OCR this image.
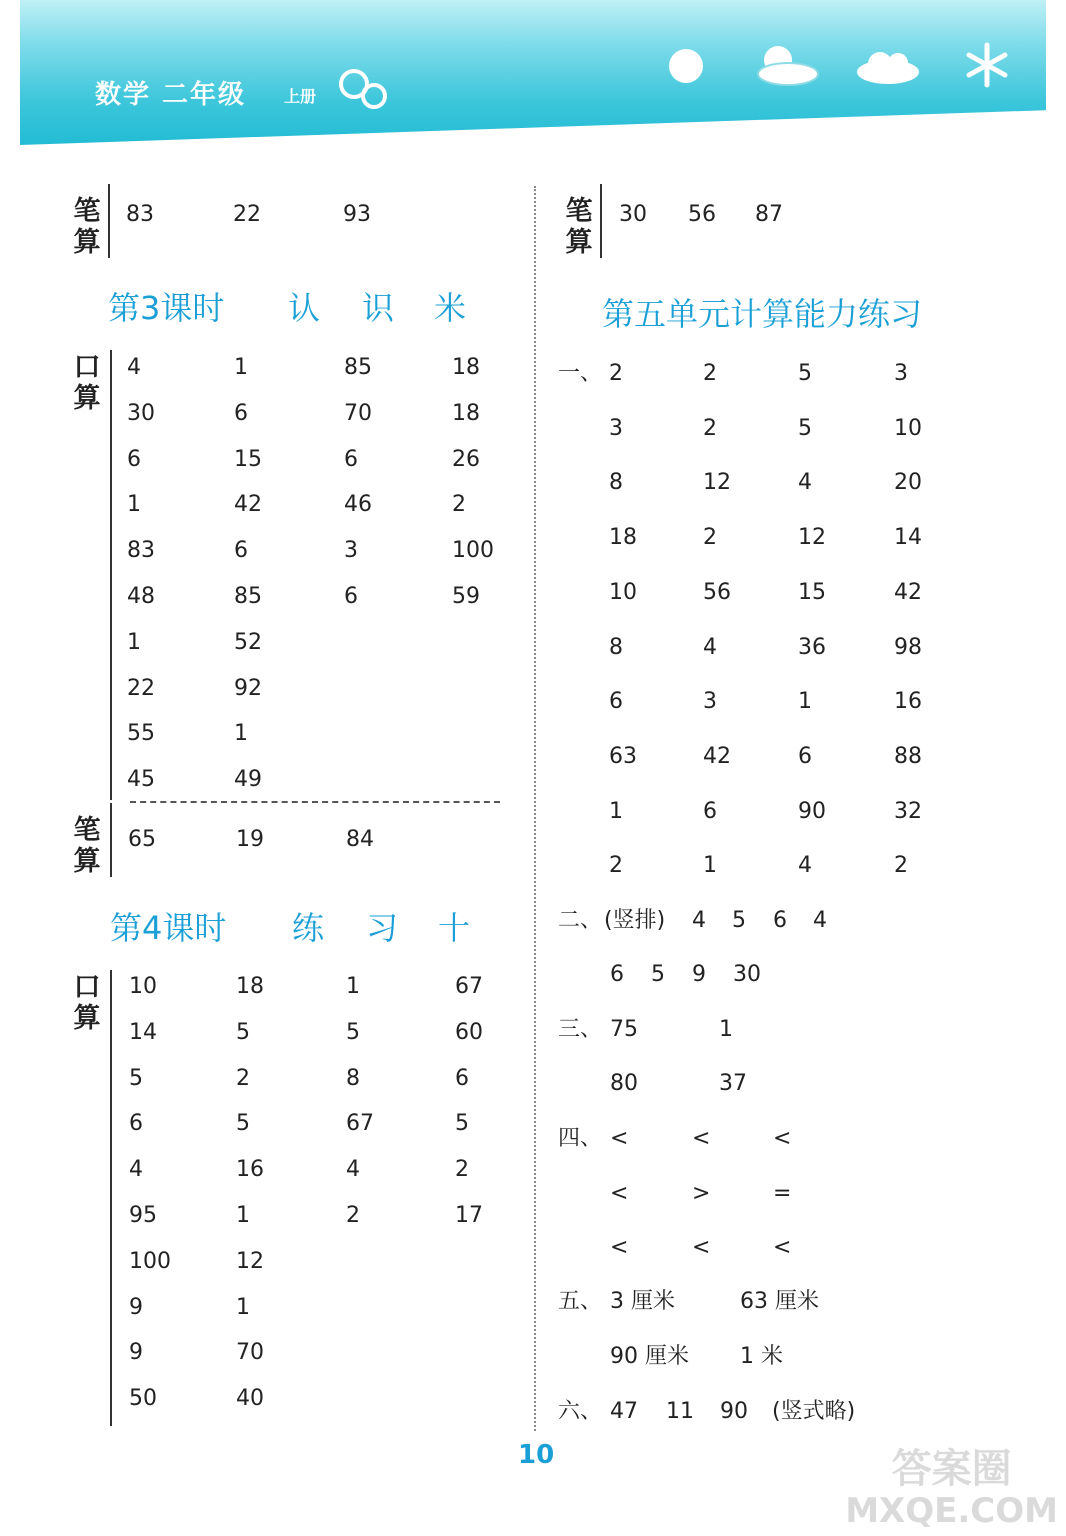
数学 二年级 上册
笔算
83	22	93
第3课时 认 识 米
口算
4	1	85	18
30	6	70	18
6	15	6	26
1	42	46	2
83	6	3	100
48	85	6	59
1	52
22	92
55	1
45	49
笔算
65	19	84
第4课时 练 习 十
口算
10	18	1	67
14	5	5	60
5	2	8	6
6	5	67	5
4	16	4	2
95	1	2	17
100	12
9	1
9	70
50	40
笔算
30 56 87
第五单元计算能力练习
一、 2	2	5	3
3	2	5	10
8	12	4	20
18	2	12	14
10	56	15	42
8	4	36	98
6	3	1	16
63	42	6	88
1	6	90	32
2	1	4	2
二、 (竖排) 4 5 6 4
6 5 9 30
三、 75	1
80	37
四、 <	<	<
<	>	=
<	<	<
五、 3 厘米	63 厘米
90 厘米 1 米
六、 47 11 90 (竖式略)
10	答案圈
MXQE.COM
